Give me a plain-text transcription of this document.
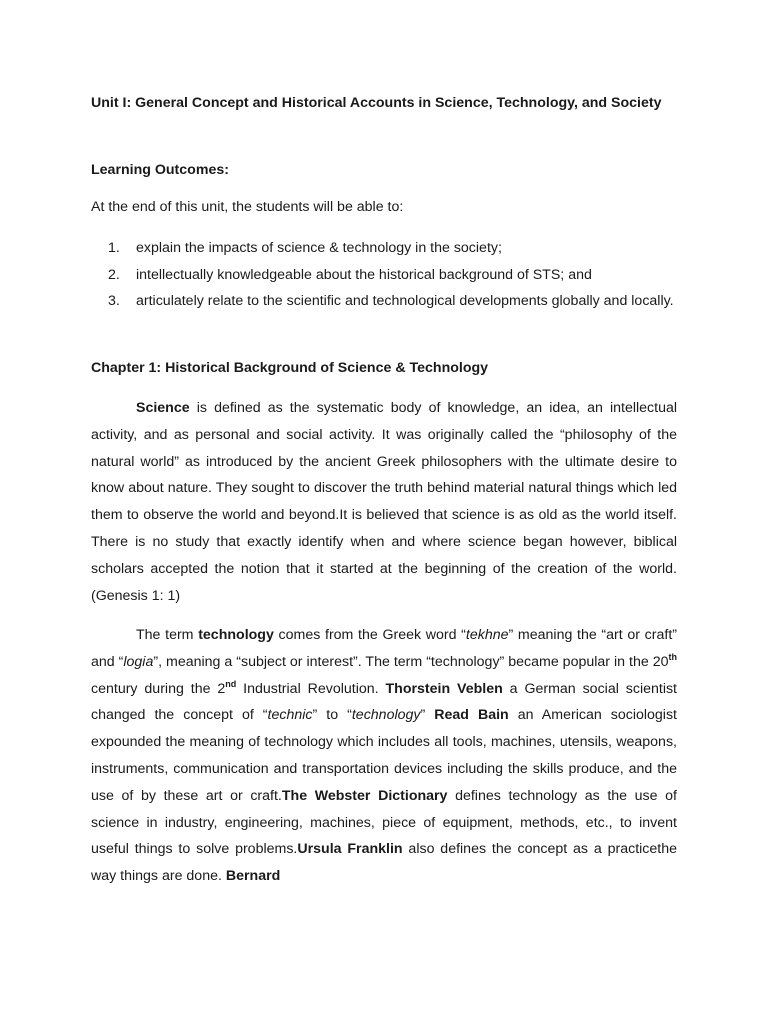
Unit I: General Concept and Historical Accounts in Science, Technology, and Society
Learning Outcomes:
At the end of this unit, the students will be able to:
1. explain the impacts of science & technology in the society;
2. intellectually knowledgeable about the historical background of STS; and
3. articulately relate to the scientific and technological developments globally and locally.
Chapter 1: Historical Background of Science & Technology
Science is defined as the systematic body of knowledge, an idea, an intellectual activity, and as personal and social activity. It was originally called the “philosophy of the natural world” as introduced by the ancient Greek philosophers with the ultimate desire to know about nature. They sought to discover the truth behind material natural things which led them to observe the world and beyond.It is believed that science is as old as the world itself. There is no study that exactly identify when and where science began however, biblical scholars accepted the notion that it started at the beginning of the creation of the world. (Genesis 1: 1)
The term technology comes from the Greek word “tekhne” meaning the “art or craft” and “logia”, meaning a “subject or interest”. The term “technology” became popular in the 20th century during the 2nd Industrial Revolution. Thorstein Veblen a German social scientist changed the concept of “technic” to “technology” Read Bain an American sociologist expounded the meaning of technology which includes all tools, machines, utensils, weapons, instruments, communication and transportation devices including the skills produce, and the use of by these art or craft.The Webster Dictionary defines technology as the use of science in industry, engineering, machines, piece of equipment, methods, etc., to invent useful things to solve problems.Ursula Franklin also defines the concept as a practicethe way things are done. Bernard
